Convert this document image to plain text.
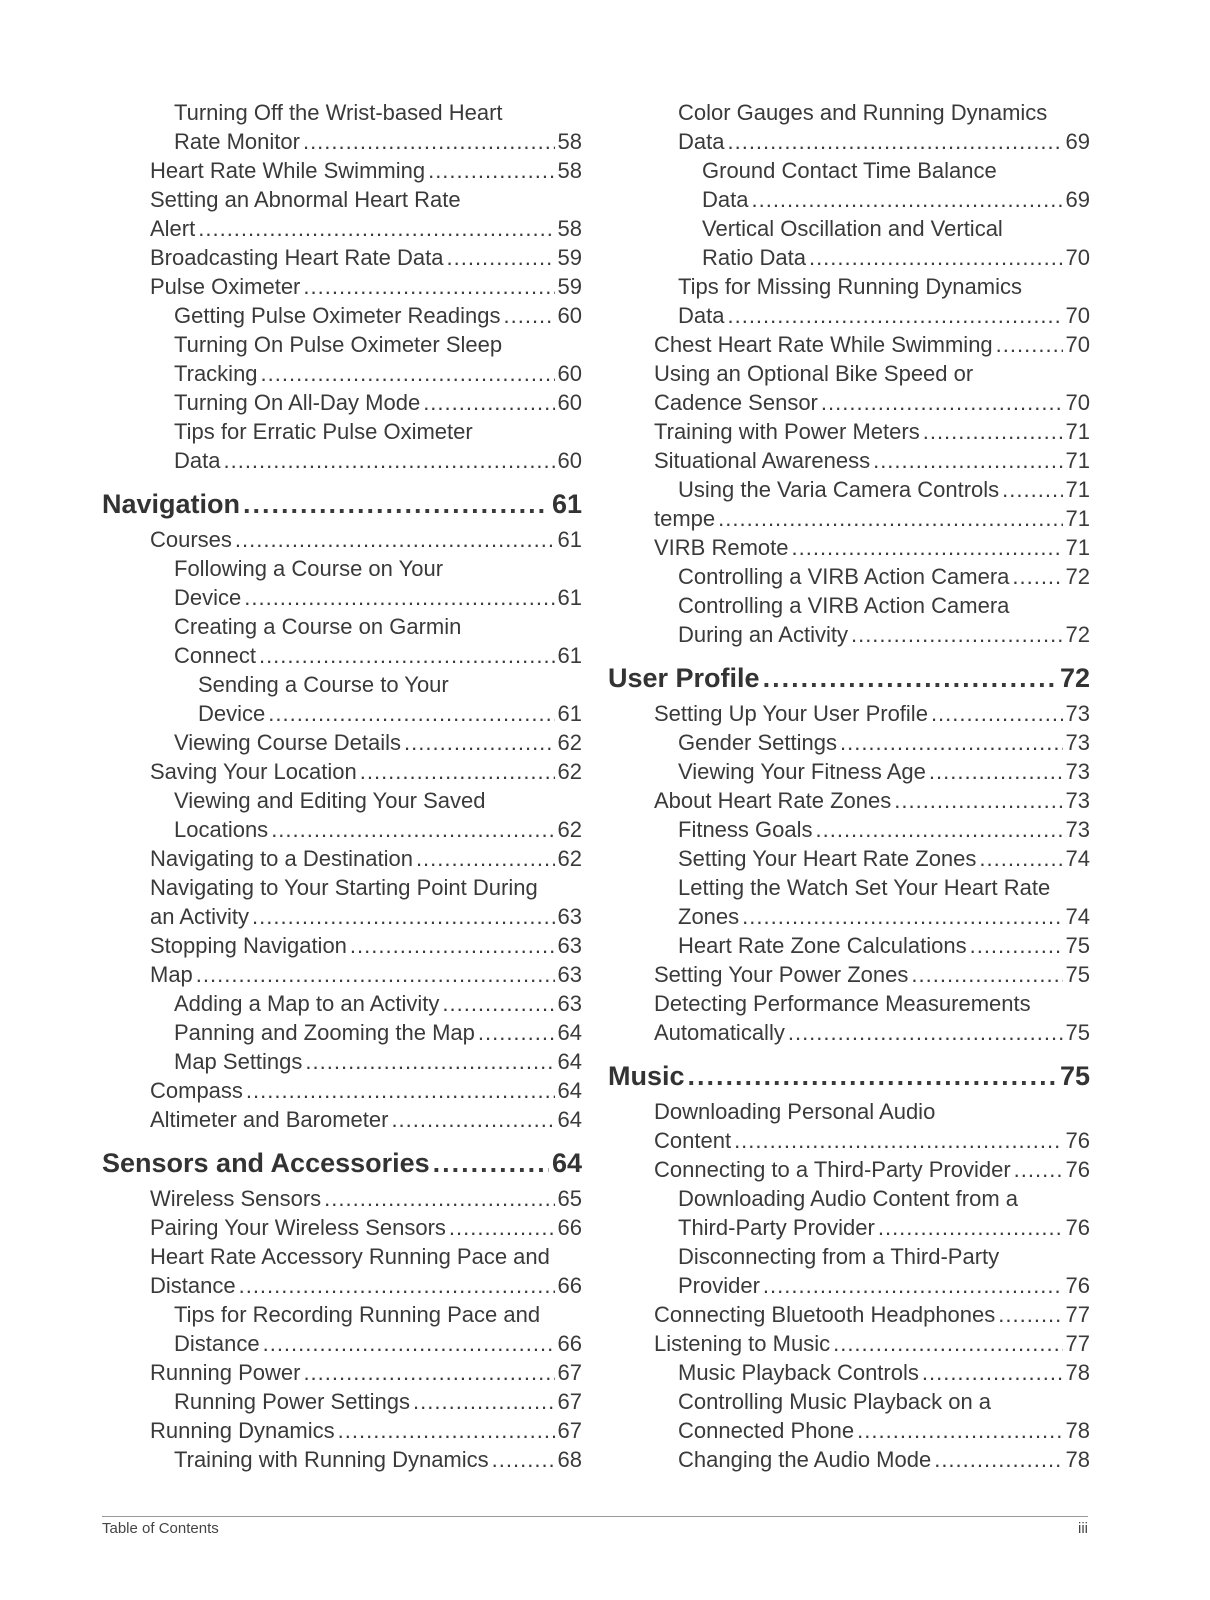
Turning Off the Wrist-based Heart
Rate Monitor .....	58
Heart Rate While Swimming .....	58
Setting an Abnormal Heart Rate
Alert .....	58
Broadcasting Heart Rate Data .....	59
Pulse Oximeter .....	59
Getting Pulse Oximeter Readings .....	60
Turning On Pulse Oximeter Sleep
Tracking .....	60
Turning On All-Day Mode .....	60
Tips for Erratic Pulse Oximeter
Data .....	60
Navigation .....	61
Courses .....	61
Following a Course on Your
Device .....	61
Creating a Course on Garmin
Connect .....	61
Sending a Course to Your
Device .....	61
Viewing Course Details .....	62
Saving Your Location .....	62
Viewing and Editing Your Saved
Locations .....	62
Navigating to a Destination .....	62
Navigating to Your Starting Point During
an Activity .....	63
Stopping Navigation .....	63
Map .....	63
Adding a Map to an Activity .....	63
Panning and Zooming the Map .....	64
Map Settings .....	64
Compass .....	64
Altimeter and Barometer .....	64
Sensors and Accessories .....	64
Wireless Sensors .....	65
Pairing Your Wireless Sensors .....	66
Heart Rate Accessory Running Pace and
Distance .....	66
Tips for Recording Running Pace and
Distance .....	66
Running Power .....	67
Running Power Settings .....	67
Running Dynamics .....	67
Training with Running Dynamics .....	68
Color Gauges and Running Dynamics
Data .....	69
Ground Contact Time Balance
Data .....	69
Vertical Oscillation and Vertical
Ratio Data .....	70
Tips for Missing Running Dynamics
Data .....	70
Chest Heart Rate While Swimming .....	70
Using an Optional Bike Speed or
Cadence Sensor .....	70
Training with Power Meters .....	71
Situational Awareness .....	71
Using the Varia Camera Controls .....	71
tempe .....	71
VIRB Remote .....	71
Controlling a VIRB Action Camera .....	72
Controlling a VIRB Action Camera
During an Activity .....	72
User Profile .....	72
Setting Up Your User Profile .....	73
Gender Settings .....	73
Viewing Your Fitness Age .....	73
About Heart Rate Zones .....	73
Fitness Goals .....	73
Setting Your Heart Rate Zones .....	74
Letting the Watch Set Your Heart Rate
Zones .....	74
Heart Rate Zone Calculations .....	75
Setting Your Power Zones .....	75
Detecting Performance Measurements
Automatically .....	75
Music .....	75
Downloading Personal Audio
Content .....	76
Connecting to a Third-Party Provider ..... 76
Downloading Audio Content from a
Third-Party Provider .....	76
Disconnecting from a Third-Party
Provider .....	76
Connecting Bluetooth Headphones .....	77
Listening to Music .....	77
Music Playback Controls .....	78
Controlling Music Playback on a
Connected Phone .....	78
Changing the Audio Mode .....	78
Table of Contents	iii
